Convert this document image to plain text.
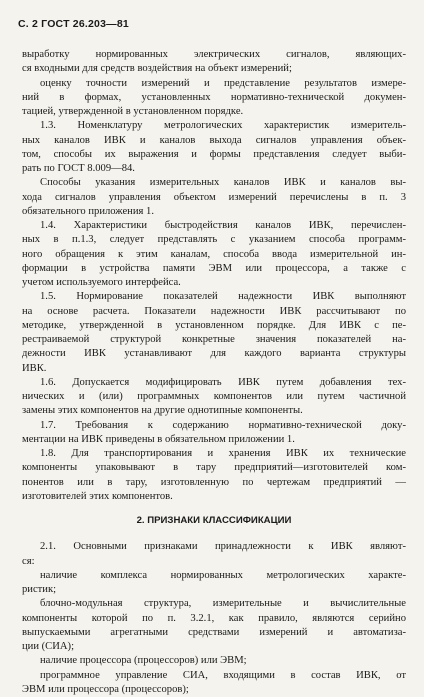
С. 2 ГОСТ 26.203—81
выработку нормированных электрических сигналов, являющих-
ся входными для средств воздействия на объект измерений;
оценку точности измерений и представление результатов измере-
ний в формах, установленных нормативно-технической докумен-
тацией, утвержденной в установленном порядке.
1.3. Номенклатуру метрологических характеристик измеритель-
ных каналов ИВК и каналов выхода сигналов управления объек-
том, способы их выражения и формы представления следует выби-
рать по ГОСТ 8.009—84.
Способы указания измерительных каналов ИВК и каналов вы-
хода сигналов управления объектом измерений перечислены в п. 3
обязательного приложения 1.
1.4. Характеристики быстродействия каналов ИВК, перечислен-
ных в п.1.3, следует представлять с указанием способа программ-
ного обращения к этим каналам, способа ввода измерительной ин-
формации в устройства памяти ЭВМ или процессора, а также с
учетом используемого интерфейса.
1.5. Нормирование показателей надежности ИВК выполняют
на основе расчета. Показатели надежности ИВК рассчитывают по
методике, утвержденной в установленном порядке. Для ИВК с пе-
рестраиваемой структурой конкретные значения показателей на-
дежности ИВК устанавливают для каждого варианта структуры
ИВК.
1.6. Допускается модифицировать ИВК путем добавления тех-
нических и (или) программных компонентов или путем частичной
замены этих компонентов на другие однотипные компоненты.
1.7. Требования к содержанию нормативно-технической доку-
ментации на ИВК приведены в обязательном приложении 1.
1.8. Для транспортирования и хранения ИВК их технические
компоненты упаковывают в тару предприятий—изготовителей ком-
понентов или в тару, изготовленную по чертежам предприятий —
изготовителей этих компонентов.
2. ПРИЗНАКИ КЛАССИФИКАЦИИ
2.1. Основными признаками принадлежности к ИВК являют-
ся:
наличие комплекса нормированных метрологических характе-
ристик;
блочно-модульная структура, измерительные и вычислительные
компоненты которой по п. 3.2.1, как правило, являются серийно
выпускаемыми агрегатными средствами измерений и автоматиза-
ции (СИА);
наличие процессора (процессоров) или ЭВМ;
программное управление СИА, входящими в состав ИВК, от
ЭВМ или процессора (процессоров);
